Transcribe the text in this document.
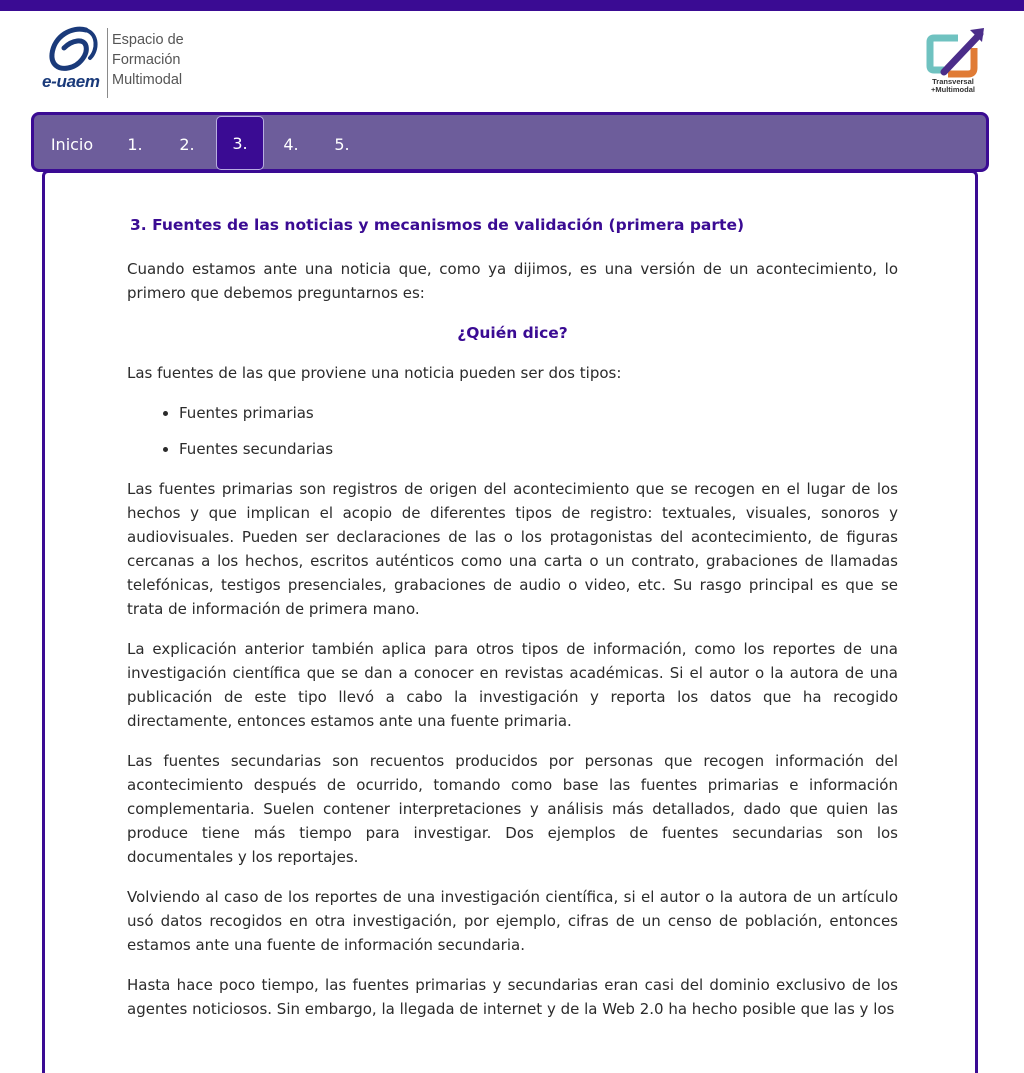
e-uaem
Espacio de
Formación
Multimodal	Transversal
+Multimodal
Inicio	1.	2.	3.	4.	5.
3. Fuentes de las noticias y mecanismos de validación (primera parte)

Cuando estamos ante una noticia que, como ya dijimos, es una versión de un acontecimiento, lo primero que debemos preguntarnos es:

¿Quién dice?

Las fuentes de las que proviene una noticia pueden ser dos tipos:

• Fuentes primarias
• Fuentes secundarias

Las fuentes primarias son registros de origen del acontecimiento que se recogen en el lugar de los hechos y que implican el acopio de diferentes tipos de registro: textuales, visuales, sonoros y audiovisuales. Pueden ser declaraciones de las o los protagonistas del acontecimiento, de figuras cercanas a los hechos, escritos auténticos como una carta o un contrato, grabaciones de llamadas telefónicas, testigos presenciales, grabaciones de audio o video, etc. Su rasgo principal es que se trata de información de primera mano.

La explicación anterior también aplica para otros tipos de información, como los reportes de una investigación científica que se dan a conocer en revistas académicas. Si el autor o la autora de una publicación de este tipo llevó a cabo la investigación y reporta los datos que ha recogido directamente, entonces estamos ante una fuente primaria.

Las fuentes secundarias son recuentos producidos por personas que recogen información del acontecimiento después de ocurrido, tomando como base las fuentes primarias e información complementaria. Suelen contener interpretaciones y análisis más detallados, dado que quien las produce tiene más tiempo para investigar. Dos ejemplos de fuentes secundarias son los documentales y los reportajes.

Volviendo al caso de los reportes de una investigación científica, si el autor o la autora de un artículo usó datos recogidos en otra investigación, por ejemplo, cifras de un censo de población, entonces estamos ante una fuente de información secundaria.

Hasta hace poco tiempo, las fuentes primarias y secundarias eran casi del dominio exclusivo de los agentes noticiosos. Sin embargo, la llegada de internet y de la Web 2.0 ha hecho posible que las y los
